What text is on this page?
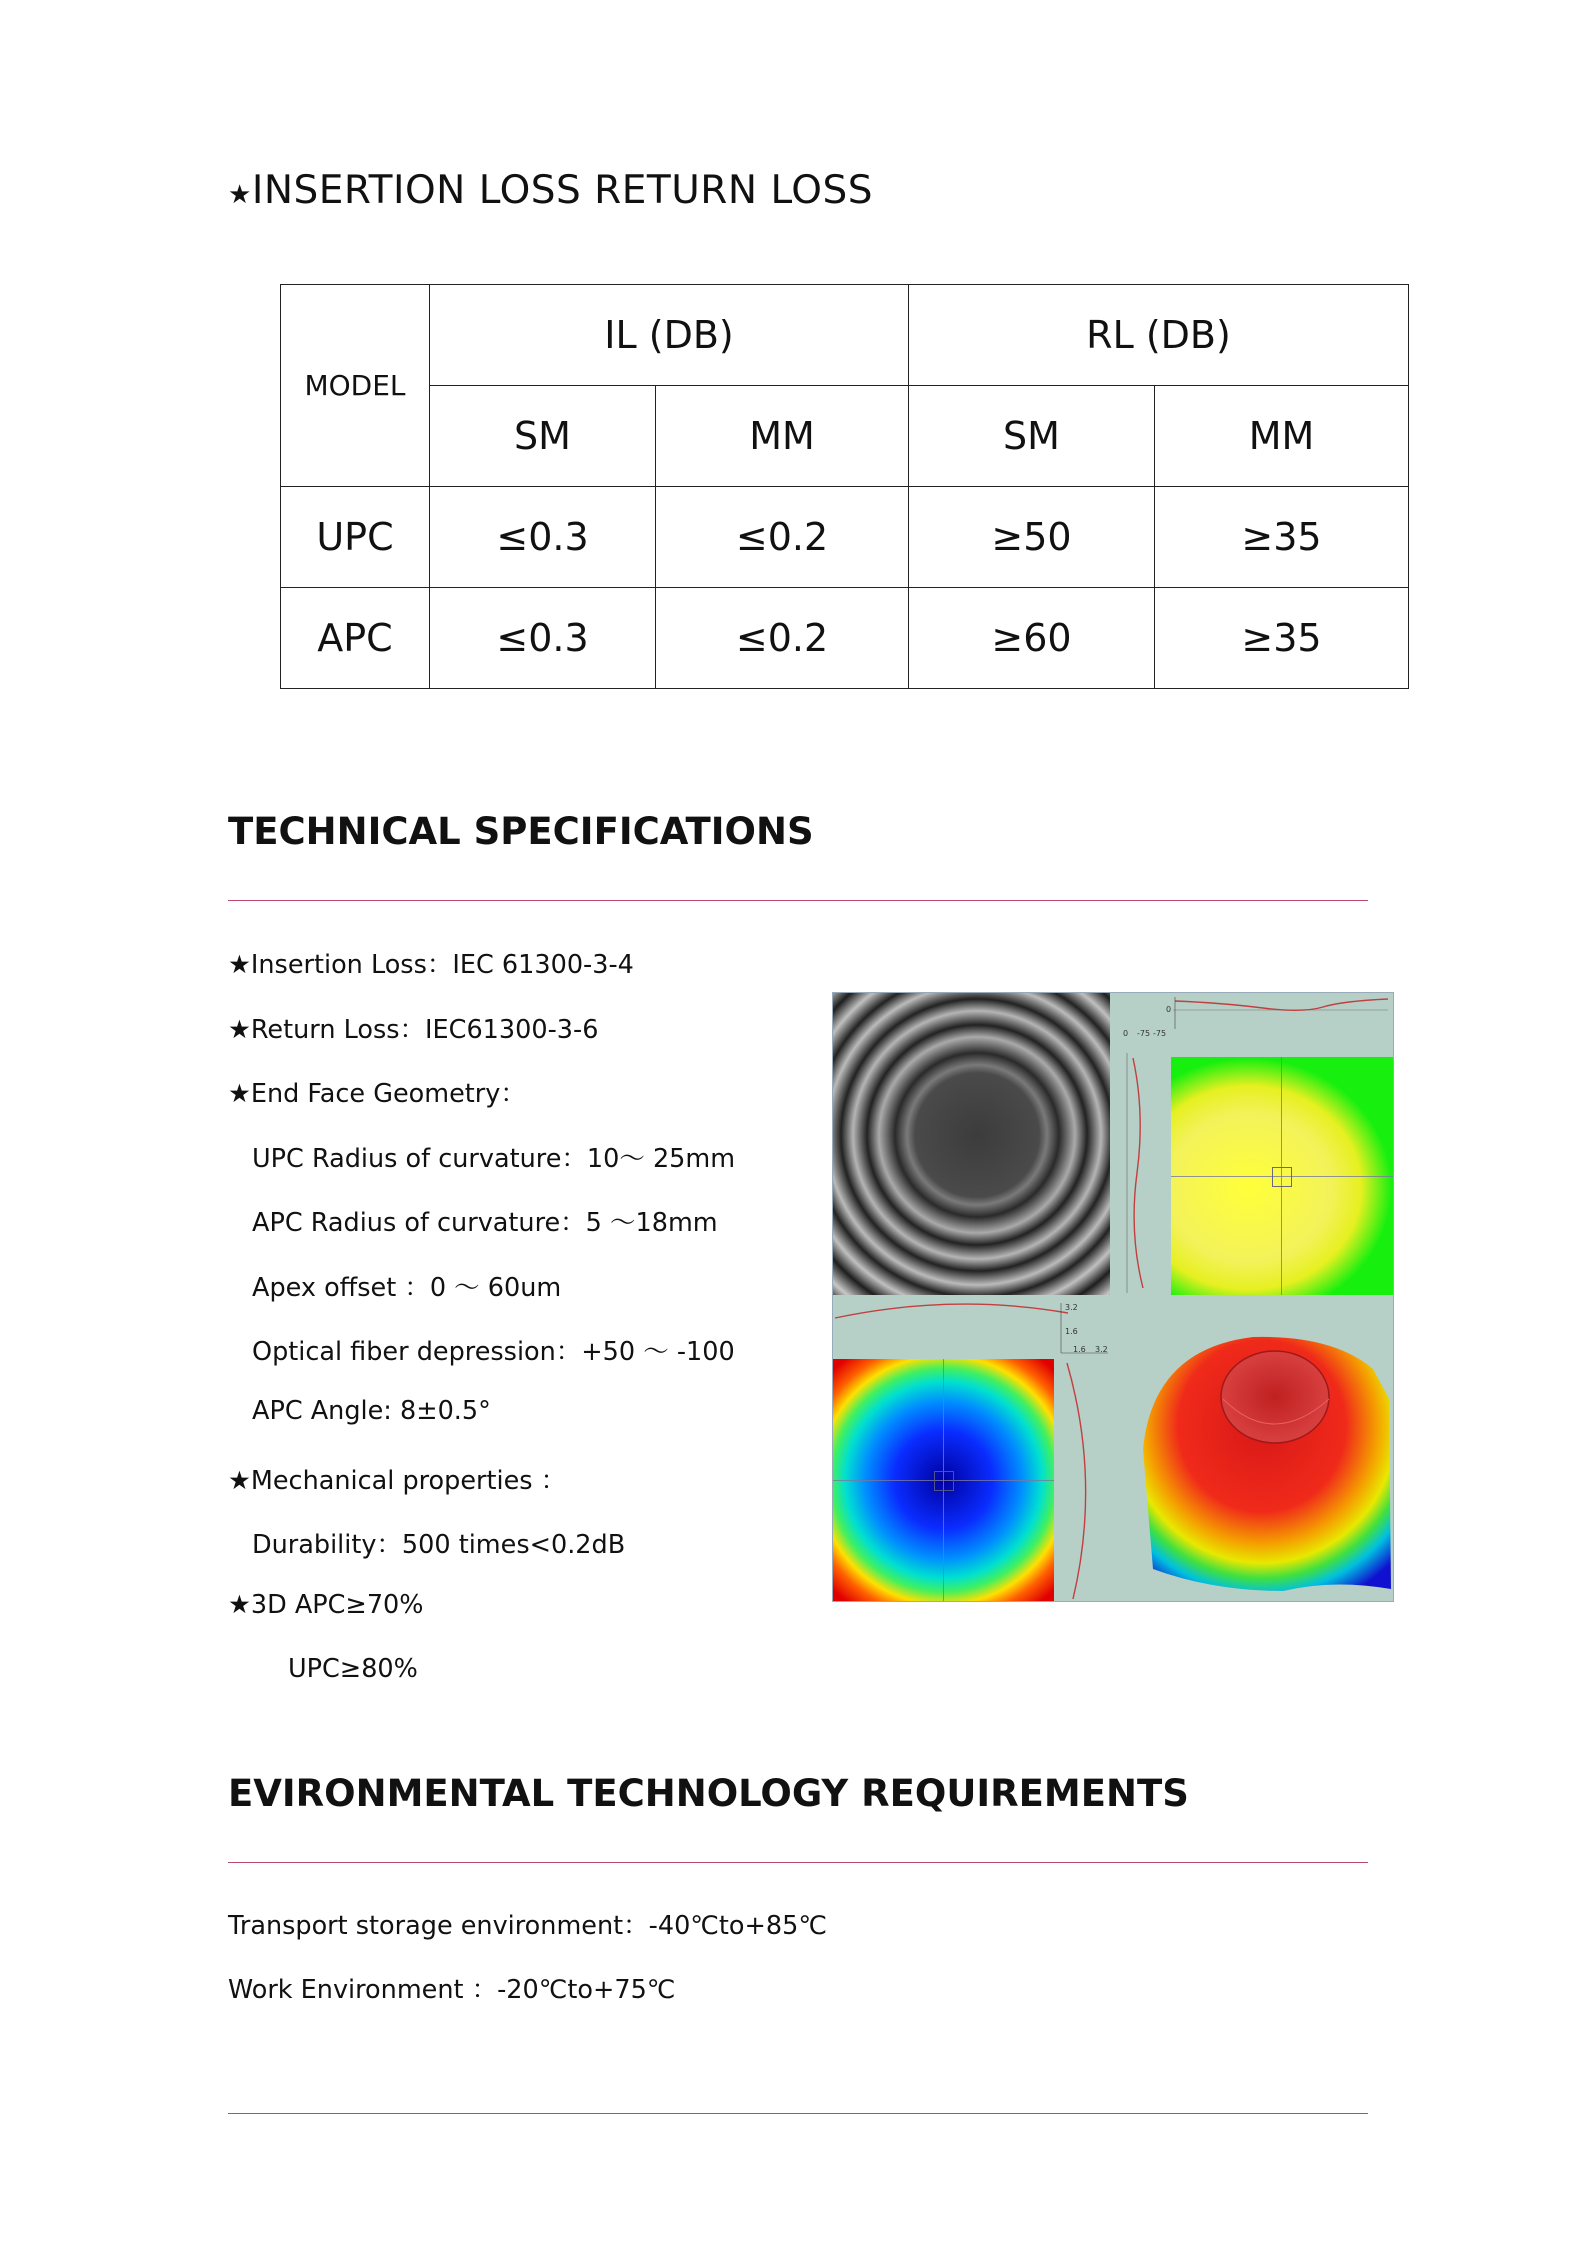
★INSERTION LOSS RETURN LOSS
MODEL	IL (DB)		RL (DB)	
	SM	MM	SM	MM
UPC	≤0.3	≤0.2	≥50	≥35
APC	≤0.3	≤0.2	≥60	≥35
TECHNICAL SPECIFICATIONS
★Insertion Loss：IEC 61300-3-4
★Return Loss：IEC61300-3-6
★End Face Geometry：
UPC Radius of curvature：10～ 25mm
APC Radius of curvature：5 ～18mm
Apex offset ：0 ～ 60um
Optical fiber depression：+50 ～ -100
APC Angle: 8±0.5°
★Mechanical properties ：
Durability：500 times<0.2dB
★3D APC≥70%
UPC≥80%
0
0 -75 -75
3.2
1.6
1.6 3.2
EVIRONMENTAL TECHNOLOGY REQUIREMENTS
Transport storage environment：-40℃to+85℃
Work Environment ：-20℃to+75℃
